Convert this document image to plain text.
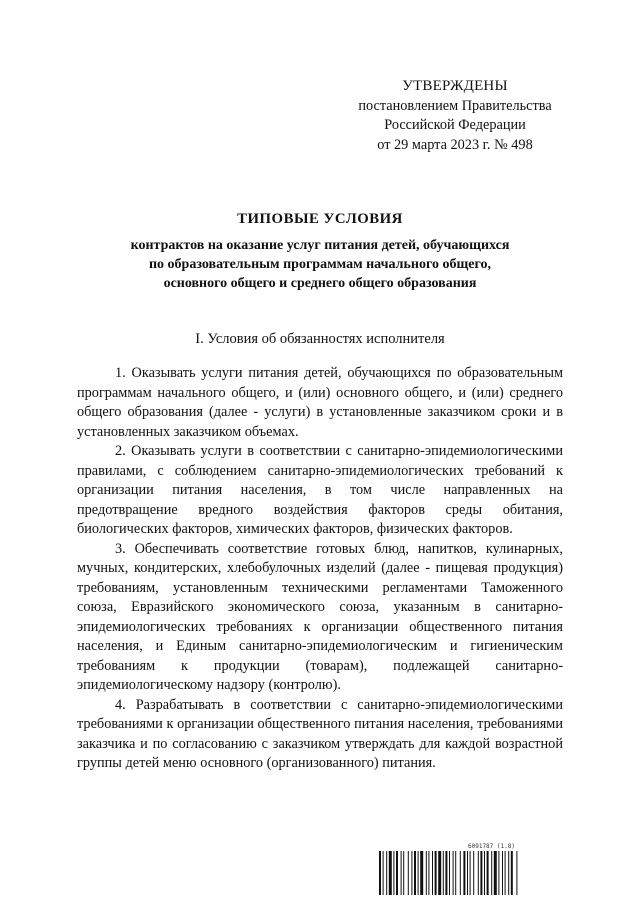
УТВЕРЖДЕНЫ
постановлением Правительства
Российской Федерации
от 29 марта 2023 г. № 498
ТИПОВЫЕ УСЛОВИЯ
контрактов на оказание услуг питания детей, обучающихся
по образовательным программам начального общего,
основного общего и среднего общего образования
I. Условия об обязанностях исполнителя

1. Оказывать услуги питания детей, обучающихся по образовательным программам начального общего, и (или) основного общего, и (или) среднего общего образования (далее - услуги) в установленные заказчиком сроки и в установленных заказчиком объемах.

2. Оказывать услуги в соответствии с санитарно-эпидемиологическими правилами, с соблюдением санитарно-эпидемиологических требований к организации питания населения, в том числе направленных на предотвращение вредного воздействия факторов среды обитания, биологических факторов, химических факторов, физических факторов.

3. Обеспечивать соответствие готовых блюд, напитков, кулинарных, мучных, кондитерских, хлебобулочных изделий (далее - пищевая продукция) требованиям, установленным техническими регламентами Таможенного союза, Евразийского экономического союза, указанным в санитарно-эпидемиологических требованиях к организации общественного питания населения, и Единым санитарно-эпидемиологическим и гигиеническим требованиям к продукции (товарам), подлежащей санитарно-эпидемиологическому надзору (контролю).

4. Разрабатывать в соответствии с санитарно-эпидемиологическими требованиями к организации общественного питания населения, требованиями заказчика и по согласованию с заказчиком утверждать для каждой возрастной группы детей меню основного (организованного) питания.

6091787 (1.8)
